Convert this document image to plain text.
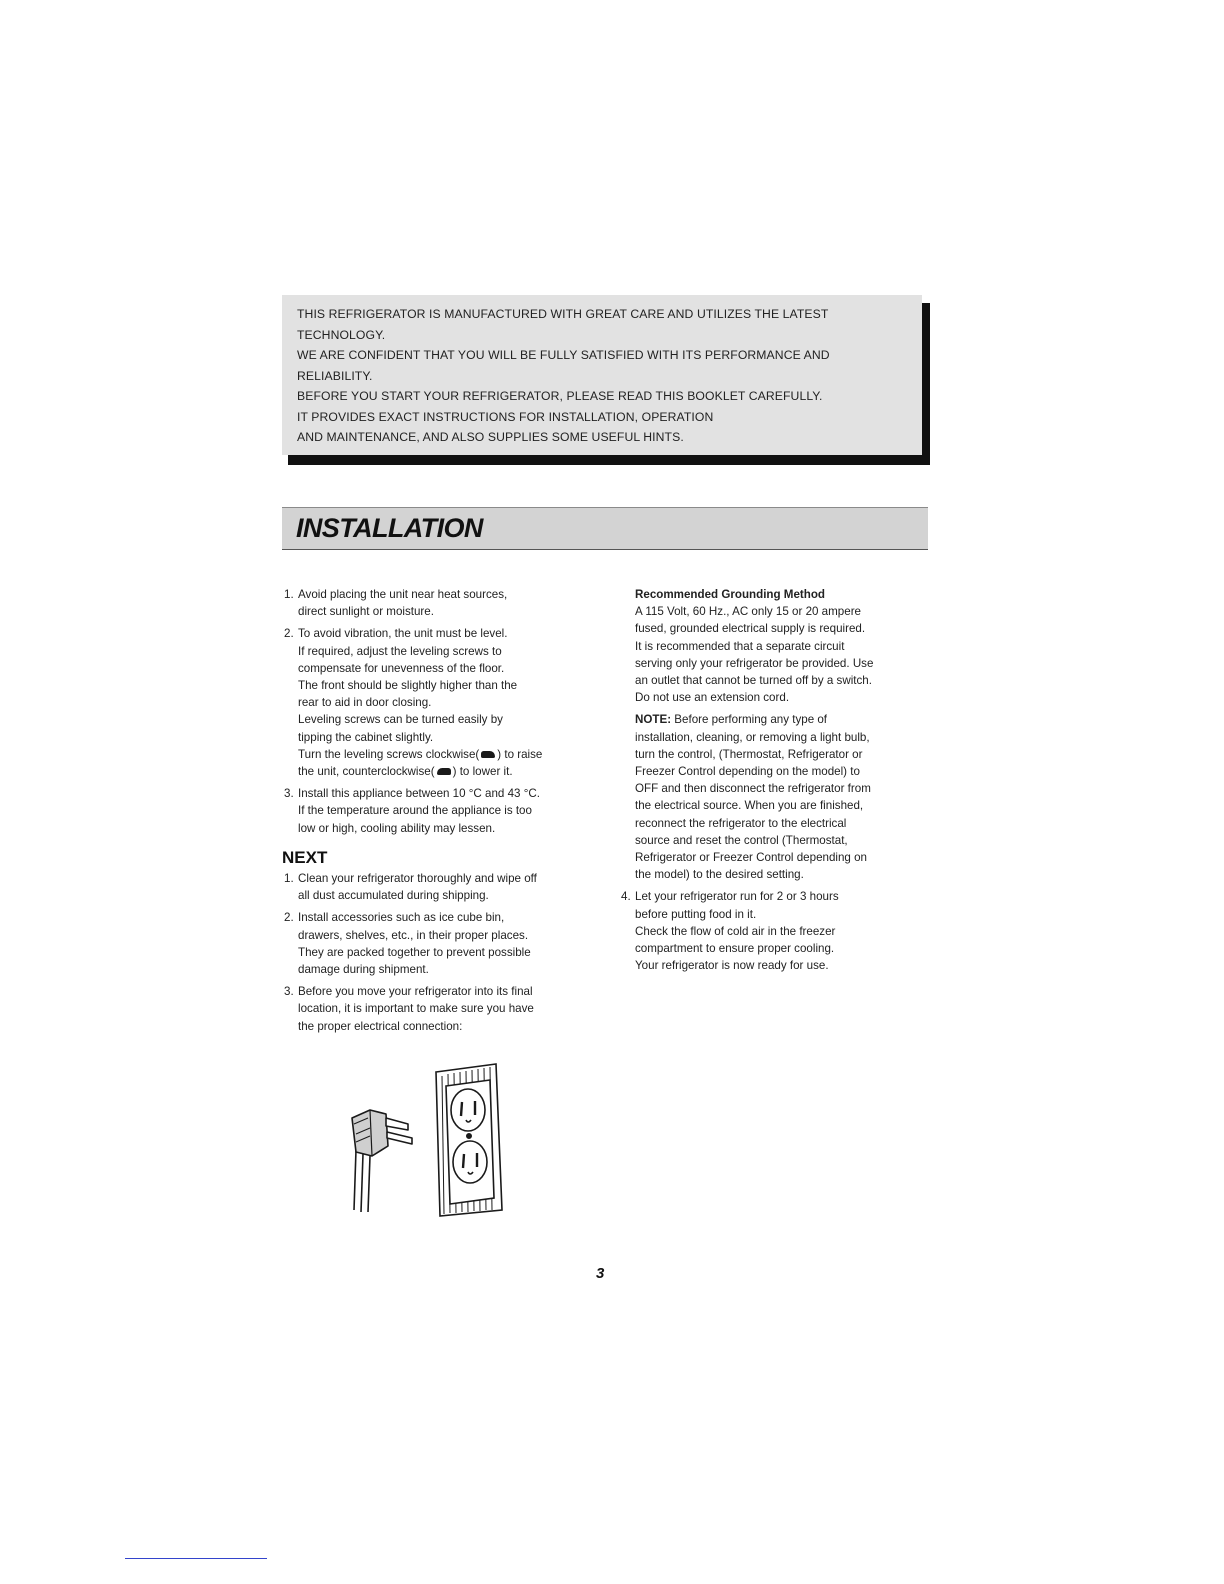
THIS REFRIGERATOR IS MANUFACTURED WITH GREAT CARE AND UTILIZES THE LATEST

TECHNOLOGY.

WE ARE CONFIDENT THAT YOU WILL BE FULLY SATISFIED WITH ITS PERFORMANCE AND

RELIABILITY.

BEFORE YOU START YOUR REFRIGERATOR, PLEASE READ THIS BOOKLET CAREFULLY.

IT PROVIDES EXACT INSTRUCTIONS FOR INSTALLATION, OPERATION

AND MAINTENANCE, AND ALSO SUPPLIES SOME USEFUL HINTS.

INSTALLATION
1. Avoid placing the unit near heat sources,

direct sunlight or moisture.

2. To avoid vibration, the unit must be level.

If required, adjust the leveling screws to

compensate for unevenness of the floor.

The front should be slightly higher than the

rear to aid in door closing.

Leveling screws can be turned easily by

tipping the cabinet slightly.

Turn the leveling screws clockwise( ) to raise

the unit, counterclockwise( ) to lower it.

3. Install this appliance between 10 °C and 43 °C.

If the temperature around the appliance is too

low or high, cooling ability may lessen.

NEXT
1. Clean your refrigerator thoroughly and wipe off

all dust accumulated during shipping.

2. Install accessories such as ice cube bin,

drawers, shelves, etc., in their proper places.

They are packed together to prevent possible

damage during shipment.

3. Before you move your refrigerator into its final

location, it is important to make sure you have

the proper electrical connection:

Recommended Grounding Method

A 115 Volt, 60 Hz., AC only 15 or 20 ampere

fused, grounded electrical supply is required.

It is recommended that a separate circuit

serving only your refrigerator be provided. Use

an outlet that cannot be turned off by a switch.

Do not use an extension cord.

NOTE: Before performing any type of

installation, cleaning, or removing a light bulb,

turn the control, (Thermostat, Refrigerator or

Freezer Control depending on the model) to

OFF and then disconnect the refrigerator from

the electrical source. When you are finished,

reconnect the refrigerator to the electrical

source and reset the control (Thermostat,

Refrigerator or Freezer Control depending on

the model) to the desired setting.

4. Let your refrigerator run for 2 or 3 hours

before putting food in it.

Check the flow of cold air in the freezer

compartment to ensure proper cooling.

Your refrigerator is now ready for use.

3
